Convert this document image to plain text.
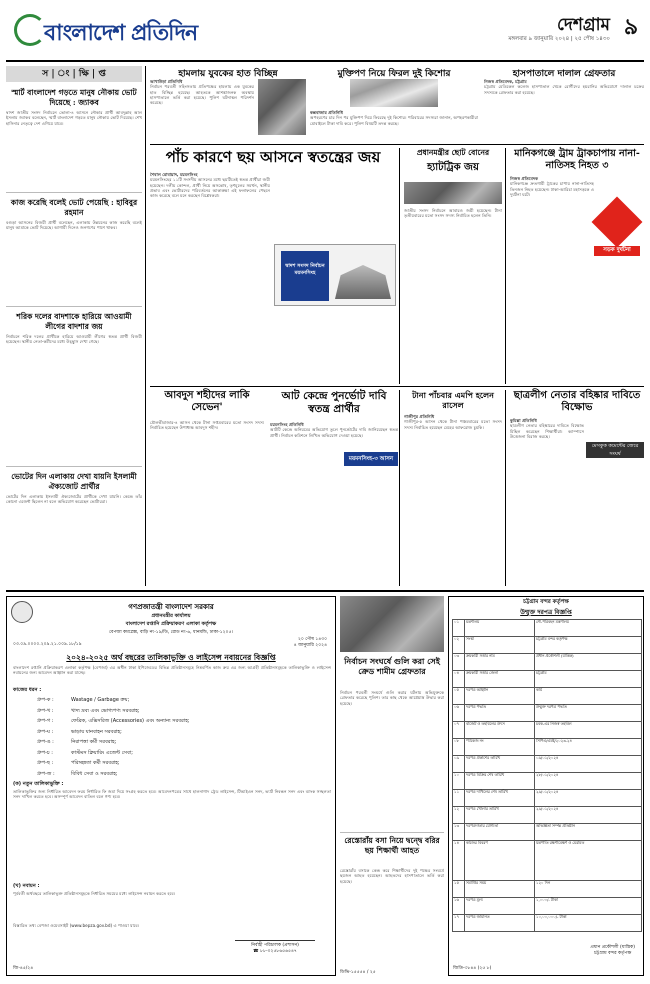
বাংলাদেশ প্রতিদিন	দেশগ্রাম ৯
মঙ্গলবার ৯ জানুয়ারি ২০২৪ | ২৫ পৌষ ১৪৩০
স | ং | ক্ষি | প্ত
স্মার্ট বাংলাদেশ গড়তে মানুষ নৌকায় ভোট দিয়েছে : জ্যাকব
দ্বাদশ জাতীয় সংসদ নির্বাচনে ভোলা-৪ আসনে নৌকার প্রার্থী আবদুল্লাহ আল ইসলাম জ্যাকব বলেছেন, স্মার্ট বাংলাদেশ গড়তে মানুষ নৌকায় ভোট দিয়েছে। শেখ হাসিনার নেতৃত্বে দেশ এগিয়ে যাবে।
কাজ করেছি বলেই ভোট পেয়েছি : হাবিবুর রহমান
বগুড়া আসনের বিজয়ী প্রার্থী বলেছেন, এলাকায় উন্নয়নের কাজ করেছি বলেই মানুষ আমাকে ভোট দিয়েছে। আগামী দিনেও জনগণের পাশে থাকব।
শরিক দলের বাদশাকে হারিয়ে আওয়ামী লীগের বাদশার জয়
নির্বাচনে শরিক দলের প্রার্থীকে হারিয়ে আওয়ামী লীগের স্বতন্ত্র প্রার্থী বিজয়ী হয়েছেন। স্থানীয় নেতা-কর্মীদের মধ্যে উচ্ছ্বাস দেখা গেছে।
ভোটের দিন এলাকায় দেখা যায়নি ইসলামী ঐক্যজোট প্রার্থীর
ভোটের দিন এলাকায় ইসলামী ঐক্যজোটের প্রার্থীকে দেখা যায়নি। কেন্দ্রে তাঁর কোনো এজেন্ট ছিলেন না বলে অভিযোগ করেছেন ভোটাররা।
হামলায় যুবকের হাত বিচ্ছিন্ন
আখাউড়া প্রতিনিধি

নির্বাচন পরবর্তী সহিংসতায় প্রতিপক্ষের হামলায় এক যুবকের হাত বিচ্ছিন্ন হয়েছে। আহতকে আশঙ্কাজনক অবস্থায় হাসপাতালে ভর্তি করা হয়েছে। পুলিশ ঘটনাস্থল পরিদর্শন করেছে।

মুক্তিপণ নিয়ে ফিরল দুই কিশোর
কক্সবাজার প্রতিনিধি

অপহরণের চার দিন পর মুক্তিপণ দিয়ে ফিরেছে দুই কিশোর। পরিবারের সদস্যরা জানান, অপহরণকারীরা মোবাইলে টাকা দাবি করে। পুলিশ বিষয়টি তদন্ত করছে।

হাসপাতালে দালাল গ্রেফতার
নিজস্ব প্রতিবেদক, চট্টগ্রাম

চট্টগ্রাম মেডিকেল কলেজ হাসপাতাল থেকে রোগীদের হয়রানির অভিযোগে দালাল চক্রের সদস্যকে গ্রেফতার করা হয়েছে।

পাঁচ কারণে ছয় আসনে স্বতন্ত্রের জয়
শৈবাল রোবায়াদ, ময়মনসিংহ

ময়মনসিংহের ১১টি সংসদীয় আসনের মধ্যে ছয়টিতেই স্বতন্ত্র প্রার্থীরা জয়ী হয়েছেন। দলীয় কোন্দল, প্রার্থী নিয়ে অসন্তোষ, তৃণমূলের সমর্থন, স্থানীয় প্রভাব এবং ভোটারদের পরিবর্তনের আকাঙ্ক্ষা এই ফলাফলের পেছনে কাজ করেছে বলে মনে করছেন বিশ্লেষকরা।

দ্বাদশ সংসদ নির্বাচন ময়মনসিংহ
প্রধানমন্ত্রীর ছোট বোনের
হ্যাটট্রিক জয়
জাতীয় সংসদ নির্বাচনে আবারও জয়ী হয়েছেন। টানা তৃতীয়বারের মতো সংসদ সদস্য নির্বাচিত হলেন তিনি।
মানিকগঞ্জে ট্রাম ট্রাকচাপায় নানা-নাতিসহ নিহত ৩
সড়ক দুর্ঘটনা
নিজস্ব প্রতিবেদক

মানিকগঞ্জে দ্রুতগামী ট্রাকের চাপায় নানা-নাতিসহ তিনজন নিহত হয়েছেন। ঢাকা-আরিচা মহাসড়কে এ দুর্ঘটনা ঘটে।

আবদুস শহীদের লাকি সেভেন'
মৌলভীবাজার-৪ আসন থেকে টানা সপ্তমবারের মতো সংসদ সদস্য নির্বাচিত হয়েছেন উপাধ্যক্ষ আবদুস শহীদ।
আট কেন্দ্রে পুনর্ভোট দাবি স্বতন্ত্র প্রার্থীর
ময়মনসিংহ প্রতিনিধি

আটটি কেন্দ্রে অনিয়মের অভিযোগ তুলে পুনর্ভোটের দাবি জানিয়েছেন স্বতন্ত্র প্রার্থী। নির্বাচন কমিশনে লিখিত অভিযোগ দেওয়া হয়েছে।

ময়মনসিংহ-৩ আসন
টানা পাঁচবার এমপি হলেন রাসেল
গাজীপুর প্রতিনিধি

গাজীপুর-৫ আসন থেকে টানা পঞ্চমবারের মতো সংসদ সদস্য নির্বাচিত হয়েছেন মেহের আফরোজ চুমকি।

ছাত্রলীগ নেতার বহিষ্কার দাবিতে বিক্ষোভ
মেসকুক কমেন্টের জেরে সংঘর্ষ
কুমিল্লা প্রতিনিধি

ছাত্রলীগ নেতার বহিষ্কারের দাবিতে বিক্ষোভ মিছিল করেছেন শিক্ষার্থীরা। ক্যাম্পাসে উত্তেজনা বিরাজ করছে।

গণপ্রজাতন্ত্রী বাংলাদেশ সরকার
প্রধানমন্ত্রীর কার্যালয়
বাংলাদেশ রপ্তানি প্রক্রিয়াকরণ এলাকা কর্তৃপক্ষ
বেপজা কমপ্লেক্স, বাড়ি নং-১৯/ডি, রোড নং-৬, ধানমন্ডি, ঢাকা-১২০৫।
০৩.০৯.০০০০.২০৯.২১.০০৯.১৮/১৯
২০ পৌষ ১৪৩০
৪ জানুয়ারি ২০২৪
২০২৪-২০২৫ অর্থ বছরের তালিকাভুক্তি ও লাইসেন্স নবায়নের বিজ্ঞপ্তি
বাংলাদেশ রপ্তানি প্রক্রিয়াকরণ এলাকা কর্তৃপক্ষ (বেপজা) এর অধীন ঢাকা ইপিজেডের বিভিন্ন প্রতিষ্ঠানসমূহে নিম্নবর্ণিত কাজ ক্রয় এর জন্য আগ্রহী প্রতিষ্ঠানসমূহকে তালিকাভুক্তি ও লাইসেন্স নবায়নের জন্য আবেদন আহ্বান করা যাচ্ছে।
কাজের ধরন :
গ্রুপ-ক :	Wastage / Garbage ক্রয়;
গ্রুপ-খ :	খাদ্য দ্রব্য এবং ভোগ্যপণ্য সরবরাহ;
গ্রুপ-গ :	ফেব্রিক, এক্সিসরিজ (Accessories) এবং অন্যান্য সরবরাহ;
গ্রুপ-ঘ :	ভাড়ায় যানবাহন সরবরাহ;
গ্রুপ-ঙ :	নিরাপত্তা কর্মী সরবরাহ;
গ্রুপ-চ :	কাস্টমস ক্লিয়ারিং এজেন্ট সেবা;
গ্রুপ-ছ :	পরিচ্ছন্নতা কর্মী সরবরাহ;
গ্রুপ-জ :	বিবিধ সেবা ও সরবরাহ;
(ক) নতুন তালিকাভুক্তি :
তালিকাভুক্তির জন্য নির্ধারিত আবেদন ফরম নির্ধারিত ফি জমা দিয়ে সংগ্রহ করতে হবে। আবেদনপত্রের সাথে হালনাগাদ ট্রেড লাইসেন্স, টিআইএন সনদ, ভ্যাট নিবন্ধন সনদ এবং ব্যাংক সচ্ছলতা সনদ দাখিল করতে হবে। অসম্পূর্ণ আবেদন বাতিল বলে গণ্য হবে।
(খ) নবায়ন :
পূর্ববর্তী অর্থবছরে তালিকাভুক্ত প্রতিষ্ঠানসমূহকে নির্ধারিত সময়ের মধ্যে লাইসেন্স নবায়ন করতে হবে।
বিস্তারিত তথ্য বেপজা ওয়েবসাইট (www.bepza.gov.bd) এ পাওয়া যাবে।
নির্বাহী পরিচালক (প্রশাসন)
☎ ৮৮-০২৫৮৬৫৬৫৪৭
জি-৪৫/২৪
নির্বাচন সংঘর্ষে গুলি করা সেই ক্রেড শামীম গ্রেফতার
নির্বাচন পরবর্তী সংঘর্ষে গুলি করার ঘটনায় অভিযুক্তকে গ্রেফতার করেছে পুলিশ। তার কাছ থেকে আগ্নেয়াস্ত্র উদ্ধার করা হয়েছে।
রেস্তোরাঁয় বসা নিয়ে দ্বন্দ্বে বরির ছয় শিক্ষার্থী আহত
রেস্তোরাঁয় বসাকে কেন্দ্র করে শিক্ষার্থীদের দুই পক্ষের সংঘর্ষে ছয়জন আহত হয়েছেন। আহতদের হাসপাতালে ভর্তি করা হয়েছে।
ডিভি-১৫৫৫৪ / ২৫
চট্টগ্রাম বন্দর কর্তৃপক্ষ
উন্মুক্ত দরপত্র বিজ্ঞপ্তি
০১	মন্ত্রণালয়	নৌ-পরিবহন মন্ত্রণালয়
০২	সংস্থা	চট্টগ্রাম বন্দর কর্তৃপক্ষ
০৩	ক্রয়কারী সত্তার নাম	প্রধান প্রকৌশলী (যান্ত্রিক)
০৪	ক্রয়কারী সত্তার জেলা	চট্টগ্রাম
০৫	দরপত্র আহ্বান	কার্য
০৬	দরপত্র পদ্ধতি	উন্মুক্ত দরপত্র পদ্ধতি
০৭	বাজেট ও তহবিলের উৎস	চবক-এর নিজস্ব তহবিল
০৮	প্যাকেজ নং	সিপিএ/এমই/২০২৩-২৪
০৯	দরপত্র প্রকাশের তারিখ	০৯/০১/২০২৪
১০	দরপত্র বিক্রির শেষ তারিখ	২৮/০১/২০২৪
১১	দরপত্র দাখিলের শেষ তারিখ	২৯/০১/২০২৪
১২	দরপত্র খোলার তারিখ	২৯/০১/২০২৪
১৩	দরপত্রদাতার যোগ্যতা	অভিজ্ঞতা সম্পন্ন প্রতিষ্ঠান
১৪	কাজের বিবরণ	যন্ত্রপাতি রক্ষণাবেক্ষণ ও মেরামত
১৫	সমাপ্তির সময়	১২০ দিন
১৬	দরপত্র মূল্য	১,০০০/- টাকা
১৭	দরপত্র জামানত	১০,০০,০০০/- টাকা
প্রধান প্রকৌশলী (যান্ত্রিক)
চট্টগ্রাম বন্দর কর্তৃপক্ষ
জিডি-৩৮৪৪ (২৫ ৮)
